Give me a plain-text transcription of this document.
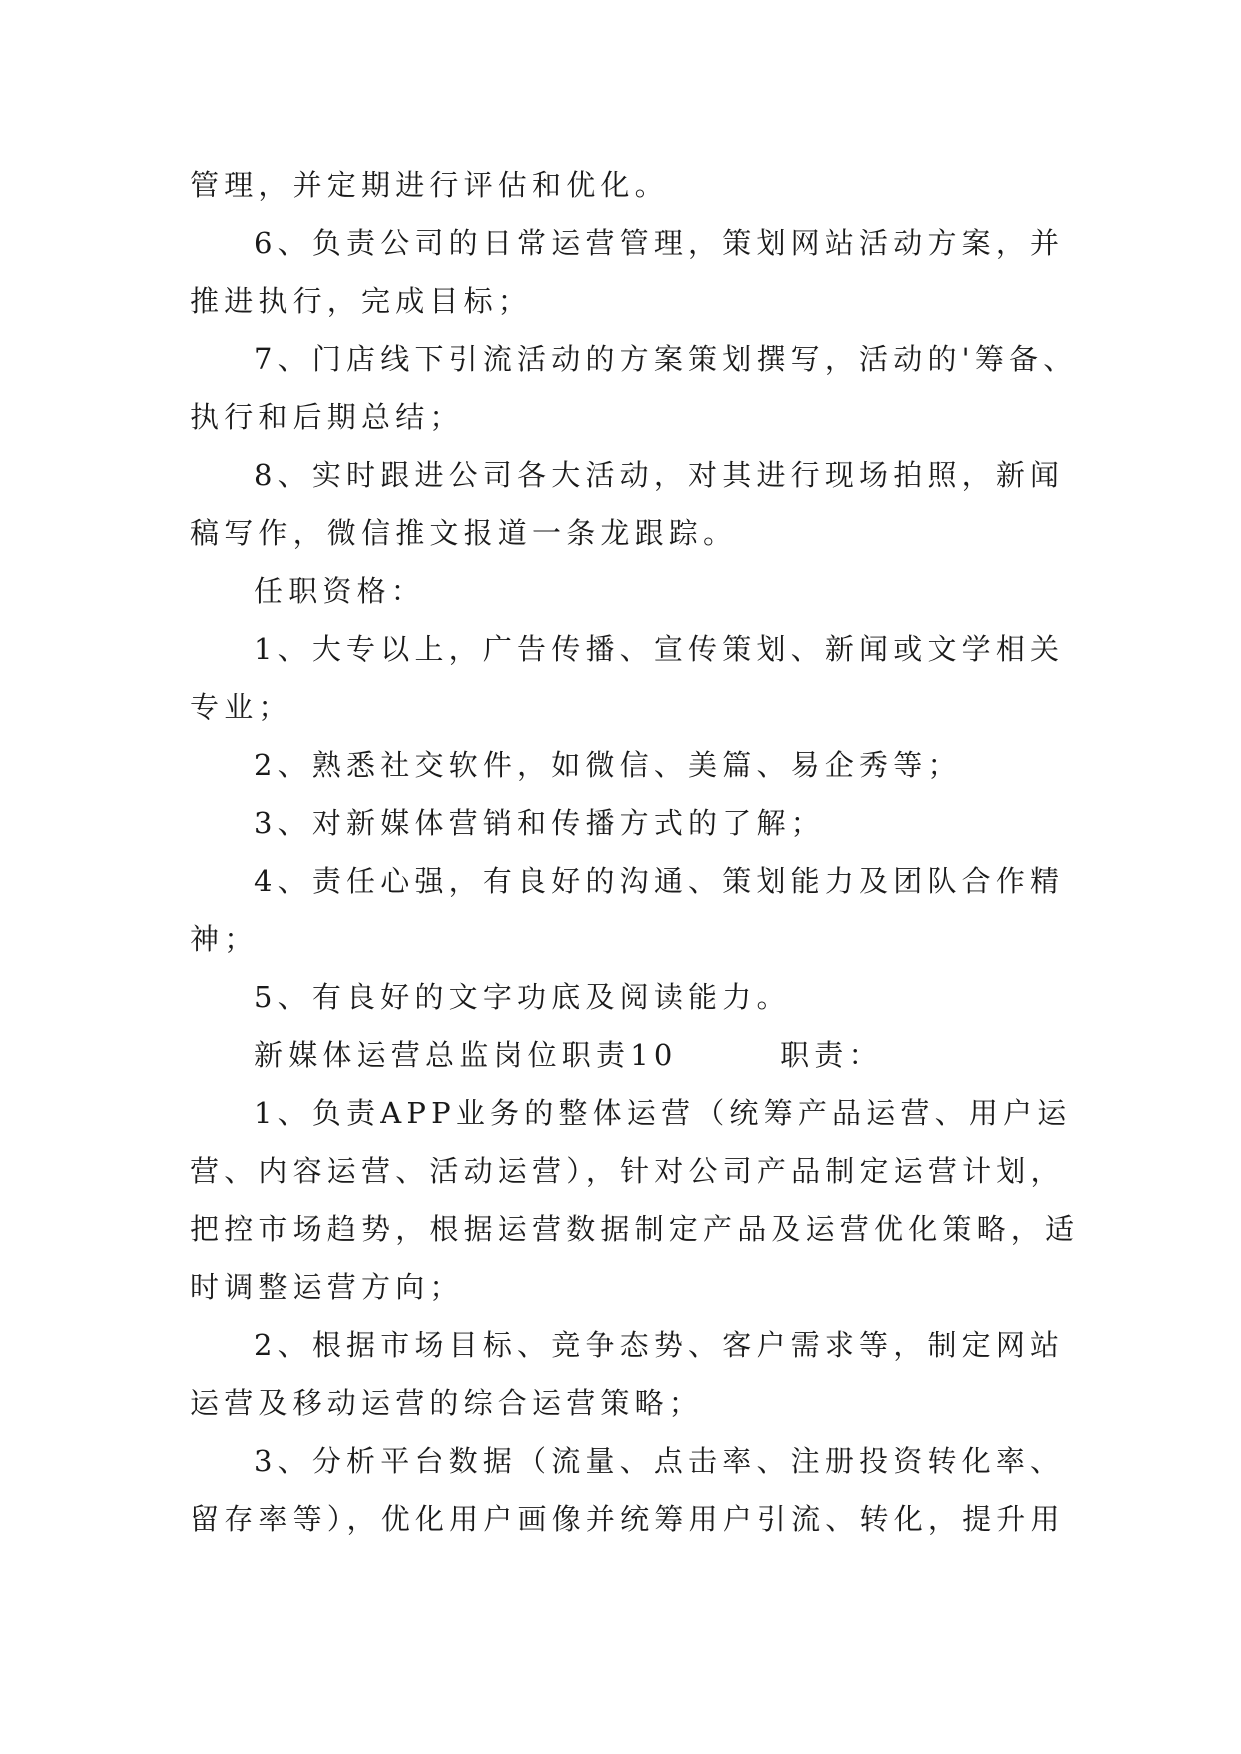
管理，并定期进行评估和优化。
6、负责公司的日常运营管理，策划网站活动方案，并
推进执行，完成目标；
7、门店线下引流活动的方案策划撰写，活动的'筹备、
执行和后期总结；
8、实时跟进公司各大活动，对其进行现场拍照，新闻
稿写作，微信推文报道一条龙跟踪。
任职资格：
1、大专以上，广告传播、宣传策划、新闻或文学相关
专业；
2、熟悉社交软件，如微信、美篇、易企秀等；
3、对新媒体营销和传播方式的了解；
4、责任心强，有良好的沟通、策划能力及团队合作精
神；
5、有良好的文字功底及阅读能力。
新媒体运营总监岗位职责10　　　职责：
1、负责APP业务的整体运营（统筹产品运营、用户运
营、内容运营、活动运营），针对公司产品制定运营计划，
把控市场趋势，根据运营数据制定产品及运营优化策略，适
时调整运营方向；
2、根据市场目标、竞争态势、客户需求等，制定网站
运营及移动运营的综合运营策略；
3、分析平台数据（流量、点击率、注册投资转化率、
留存率等），优化用户画像并统筹用户引流、转化，提升用
